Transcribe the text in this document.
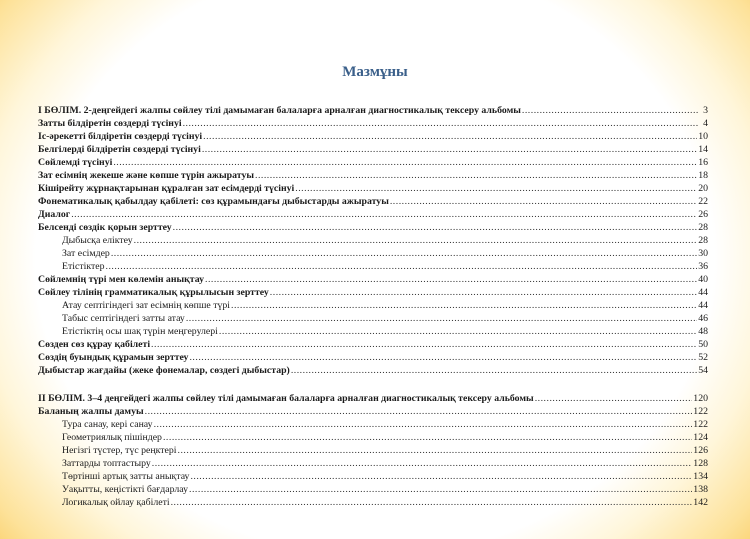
Мазмұны
I БӨЛІМ. 2-деңгейдегі жалпы сөйлеу тілі дамымаған балаларға арналған диагностикалық тексеру альбомы .....	3
Затты білдіретін сөздерді түсінуі .....	4
Іс-әрекетті білдіретін сөздерді түсінуі .....	10
Белгілерді білдіретін сөздерді түсінуі .....	14
Сөйлемді түсінуі .....	16
Зат есімнің жекеше және көпше түрін ажыратуы .....	18
Кішірейту жұрнақтарынан құралған зат есімдерді түсінуі .....	20
Фонематикалық қабылдау қабілеті: сөз құрамындағы дыбыстарды ажыратуы .....	22
Диалог .....	26
Белсенді сөздік қорын зерттеу .....	28
Дыбысқа еліктеу .....	28
Зат есімдер .....	30
Етістіктер .....	36
Сөйлемнің түрі мен көлемін анықтау .....	40
Сөйлеу тілінің грамматикалық құрылысын зерттеу .....	44
Атау септігіндегі зат есімнің көпше түрі .....	44
Табыс септігіндегі затты атау .....	46
Етістіктің осы шақ түрін меңгерулері .....	48
Сөзден сөз құрау қабілеті .....	50
Сөздің буындық құрамын зерттеу .....	52
Дыбыстар жағдайы (жеке фонемалар, сөздегі дыбыстар) .....	54
II БӨЛІМ. 3–4 деңгейдегі жалпы сөйлеу тілі дамымаған балаларға арналған диагностикалық тексеру альбомы .....	120
Баланың жалпы дамуы .....	122
Тура санау, кері санау .....	122
Геометриялық пішіндер .....	124
Негізгі түстер, түс реңктері .....	126
Заттарды топтастыру .....	128
Төртінші артық затты анықтау .....	134
Уақытты, кеңістікті бағдарлау .....	138
Логикалық ойлау қабілеті .....	142
